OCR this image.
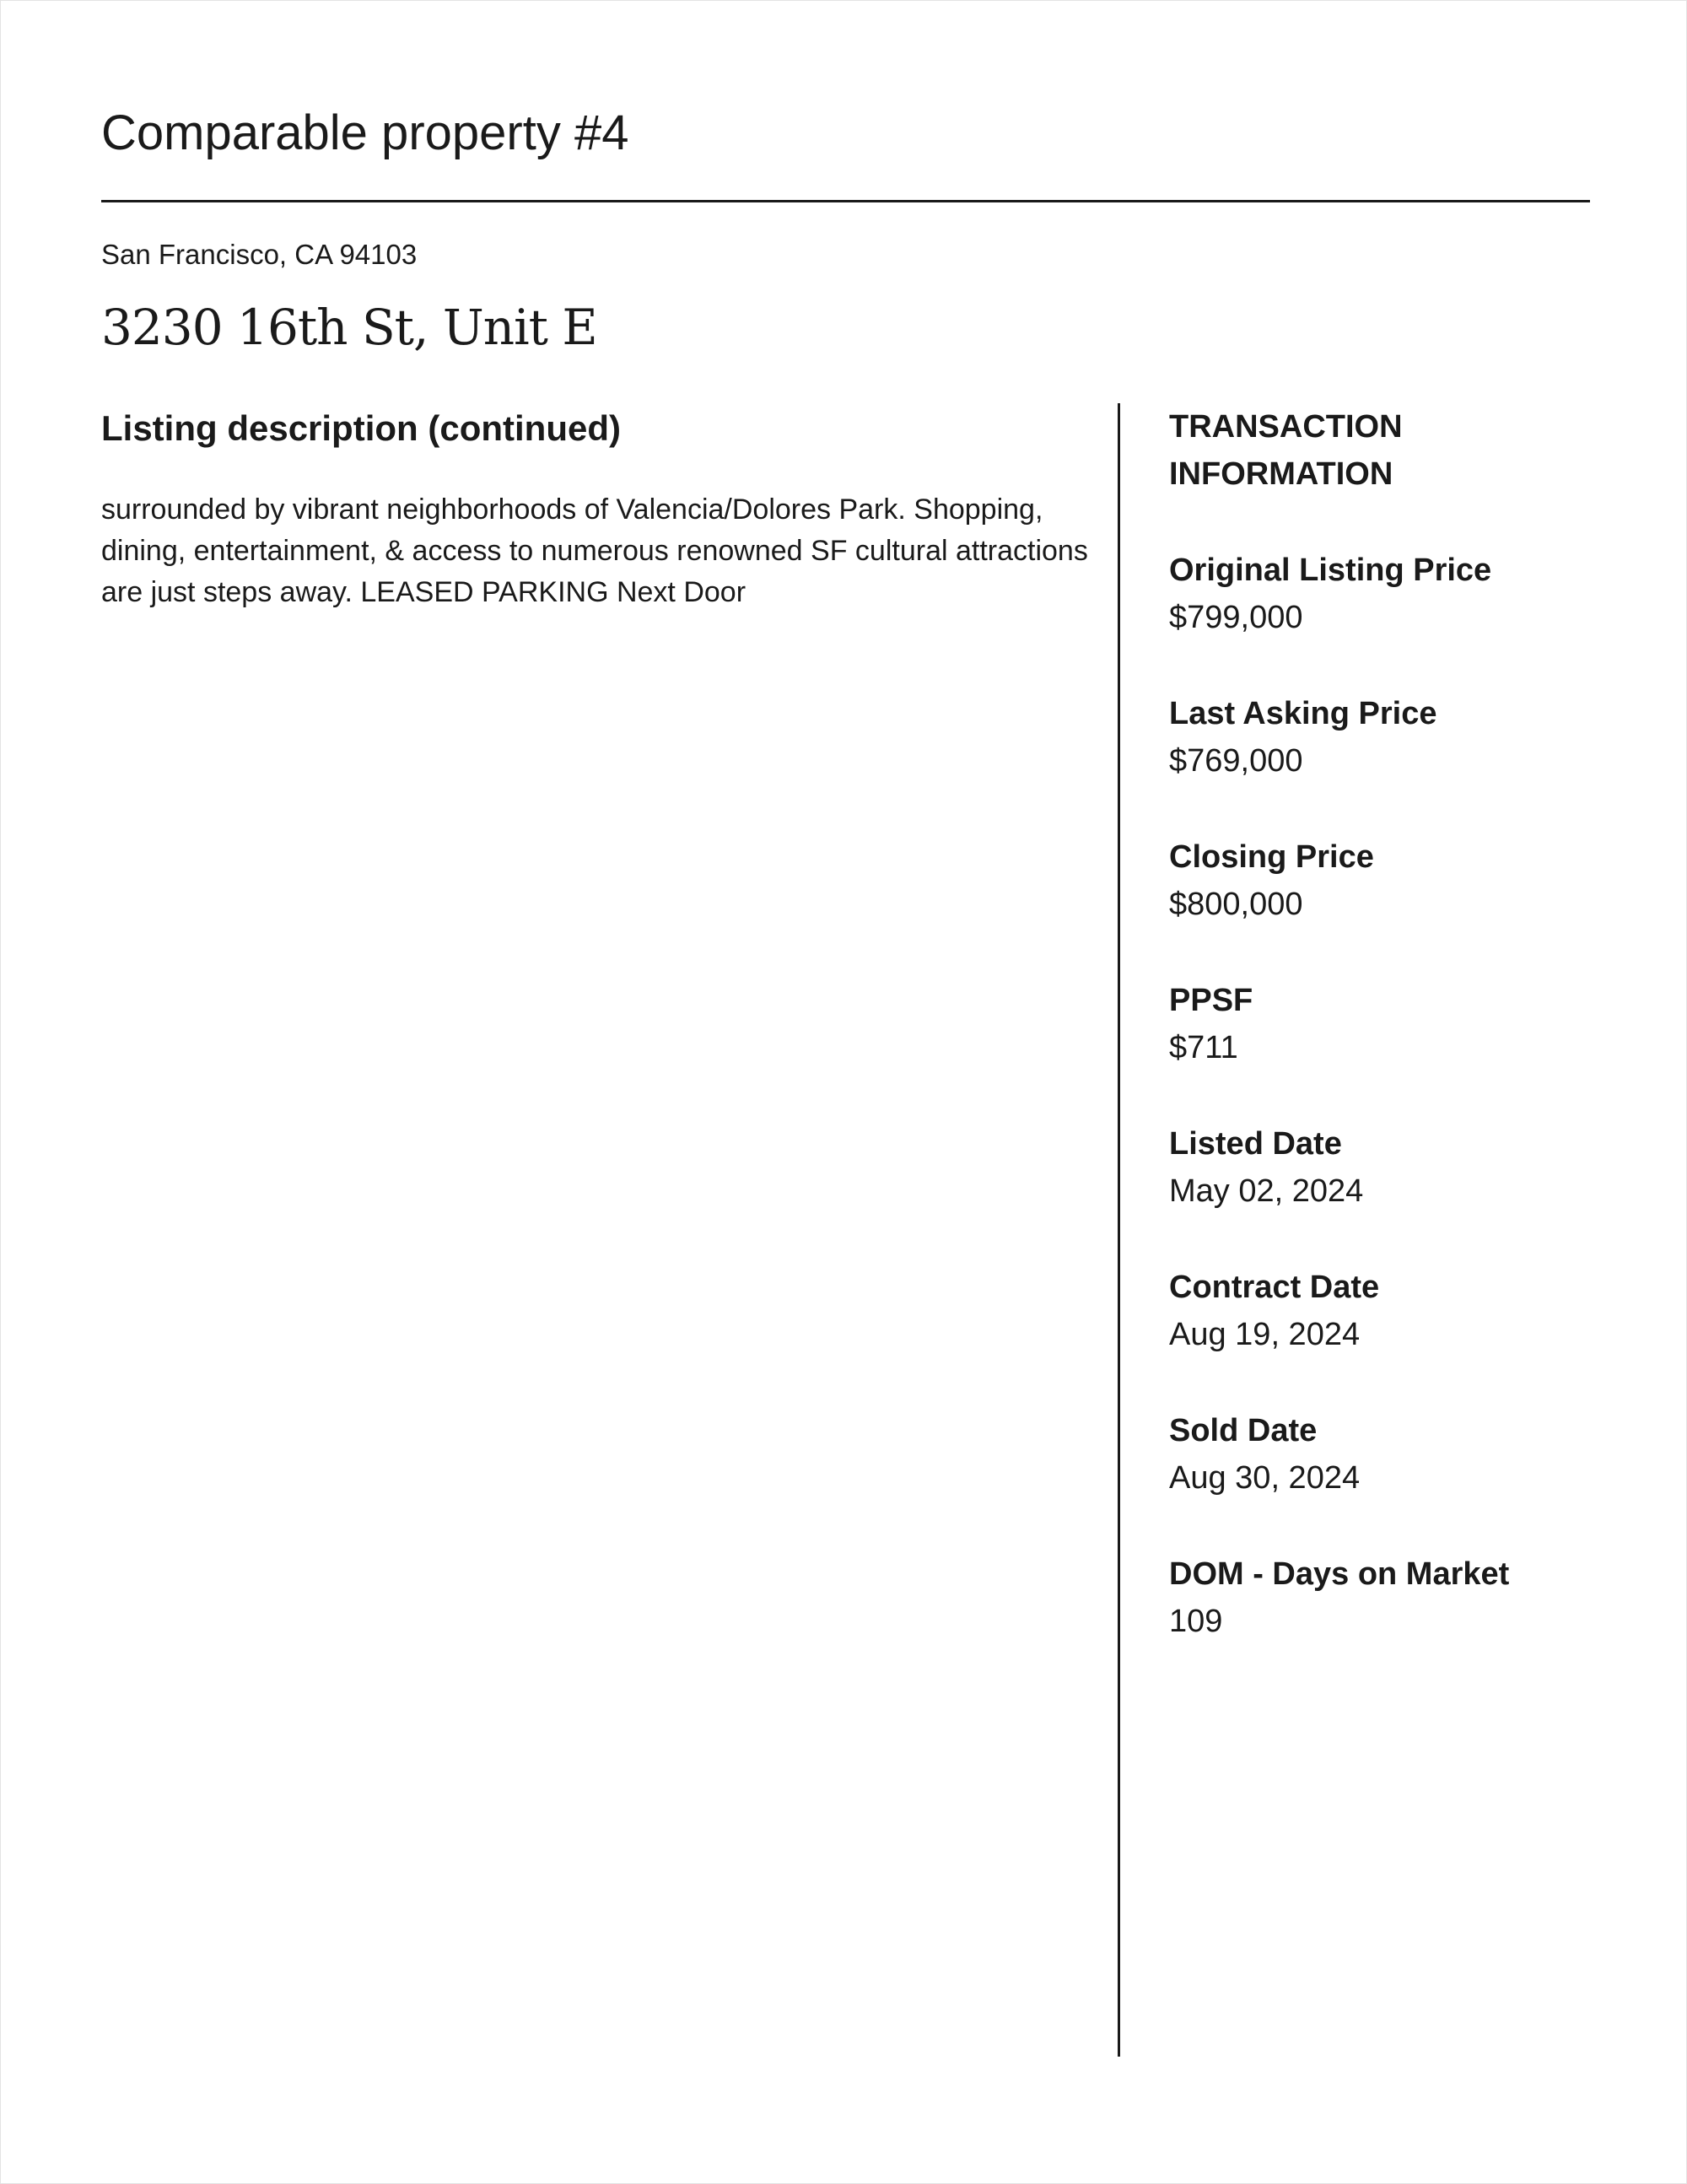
Comparable property #4
San Francisco, CA 94103
3230 16th St, Unit E
Listing description (continued)
surrounded by vibrant neighborhoods of Valencia/Dolores Park. Shopping, dining, entertainment, & access to numerous renowned SF cultural attractions are just steps away. LEASED PARKING Next Door
TRANSACTION INFORMATION
Original Listing Price
$799,000
Last Asking Price
$769,000
Closing Price
$800,000
PPSF
$711
Listed Date
May 02, 2024
Contract Date
Aug 19, 2024
Sold Date
Aug 30, 2024
DOM - Days on Market
109
